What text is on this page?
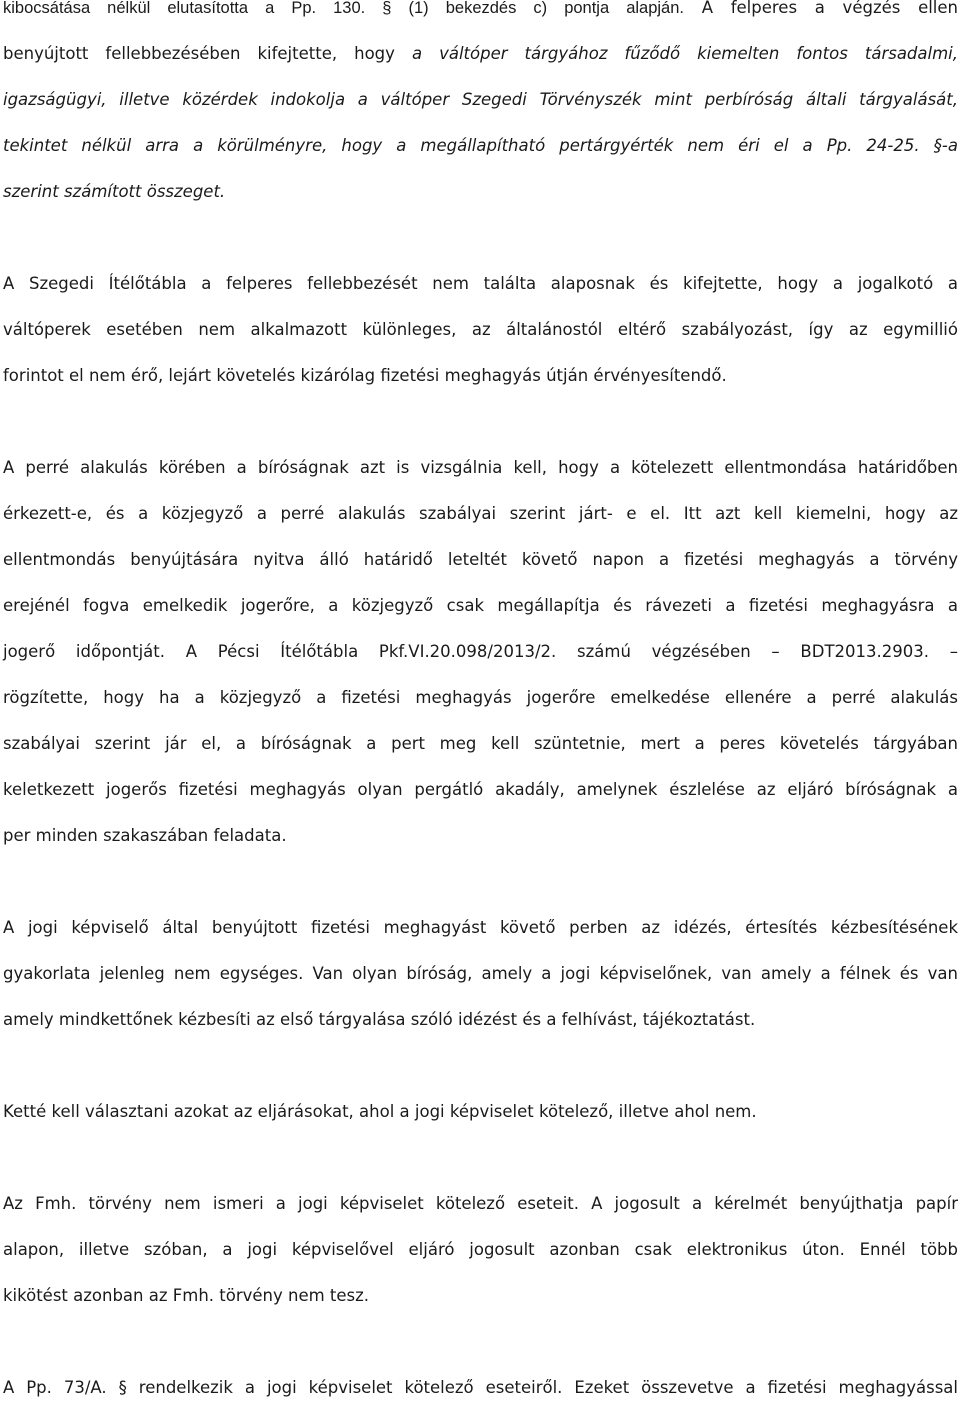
kibocsátása nélkül elutasította a Pp. 130. § (1) bekezdés c) pontja alapján. A felperes a végzés ellen
benyújtott fellebbezésében kifejtette, hogy a váltóper tárgyához fűződő kiemelten fontos társadalmi,
igazságügyi, illetve közérdek indokolja a váltóper Szegedi Törvényszék mint perbíróság általi tárgyalását,
tekintet nélkül arra a körülményre, hogy a megállapítható pertárgyérték nem éri el a Pp. 24-25. §-a
szerint számított összeget.

A Szegedi Ítélőtábla a felperes fellebbezését nem találta alaposnak és kifejtette, hogy a jogalkotó a
váltóperek esetében nem alkalmazott különleges, az általánostól eltérő szabályozást, így az egymillió
forintot el nem érő, lejárt követelés kizárólag fizetési meghagyás útján érvényesítendő.

A perré alakulás körében a bíróságnak azt is vizsgálnia kell, hogy a kötelezett ellentmondása határidőben
érkezett-e, és a közjegyző a perré alakulás szabályai szerint járt- e el. Itt azt kell kiemelni, hogy az
ellentmondás benyújtására nyitva álló határidő leteltét követő napon a fizetési meghagyás a törvény
erejénél fogva emelkedik jogerőre, a közjegyző csak megállapítja és rávezeti a fizetési meghagyásra a
jogerő időpontját. A Pécsi Ítélőtábla Pkf.VI.20.098/2013/2. számú végzésében – BDT2013.2903. –
rögzítette, hogy ha a közjegyző a fizetési meghagyás jogerőre emelkedése ellenére a perré alakulás
szabályai szerint jár el, a bíróságnak a pert meg kell szüntetnie, mert a peres követelés tárgyában
keletkezett jogerős fizetési meghagyás olyan pergátló akadály, amelynek észlelése az eljáró bíróságnak a
per minden szakaszában feladata.

A jogi képviselő által benyújtott fizetési meghagyást követő perben az idézés, értesítés kézbesítésének
gyakorlata jelenleg nem egységes. Van olyan bíróság, amely a jogi képviselőnek, van amely a félnek és van
amely mindkettőnek kézbesíti az első tárgyalása szóló idézést és a felhívást, tájékoztatást.

Ketté kell választani azokat az eljárásokat, ahol a jogi képviselet kötelező, illetve ahol nem.

Az Fmh. törvény nem ismeri a jogi képviselet kötelező eseteit. A jogosult a kérelmét benyújthatja papír
alapon, illetve szóban, a jogi képviselővel eljáró jogosult azonban csak elektronikus úton. Ennél több
kikötést azonban az Fmh. törvény nem tesz.

A Pp. 73/A. § rendelkezik a jogi képviselet kötelező eseteiről. Ezeket összevetve a fizetési meghagyással
